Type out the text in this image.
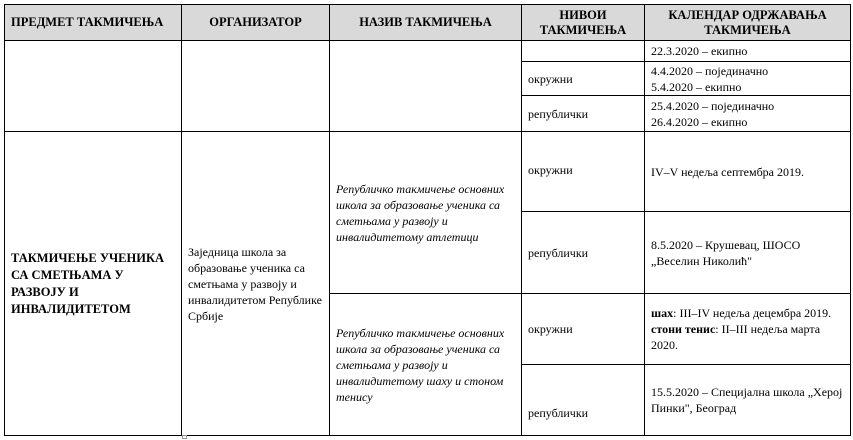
ПРЕДМЕТ ТАКМИЧЕЊА	ОРГАНИЗАТОР	НАЗИВ ТАКМИЧЕЊА	НИВОИ ТАКМИЧЕЊА	КАЛЕНДАР ОДРЖАВАЊА ТАКМИЧЕЊА

				22.3.2020 – екипно

			окружни	4.4.2020 – појединачно
5.4.2020 – екипно

			републички	25.4.2020 – појединачно
26.4.2020 – екипно

ТАКМИЧЕЊЕ УЧЕНИКА СА СМЕТЊАМА У РАЗВОЈУ И ИНВАЛИДИТЕТОМ	Заједница школа за образовање ученика са сметњама у развоју и инвалидитетом Републике Србије	Републичко такмичење основних школа за образовање ученика са сметњама у развоју и инвалидитетому атлетици	окружни	IV–V недеља септембра 2019.
			републички	8.5.2020 – Крушевац, ШОСО
„Веселин Николић"

		Републичко такмичење основних школа за образовање ученика са сметњама у развоју и инвалидитетому шаху и стоном тенису	окружни	шах: III–IV недеља децембра 2019.
стони тенис: II–III недеља марта 2020.

			републички	15.5.2020 – Специјална школа „Херој Пинки", Београд
